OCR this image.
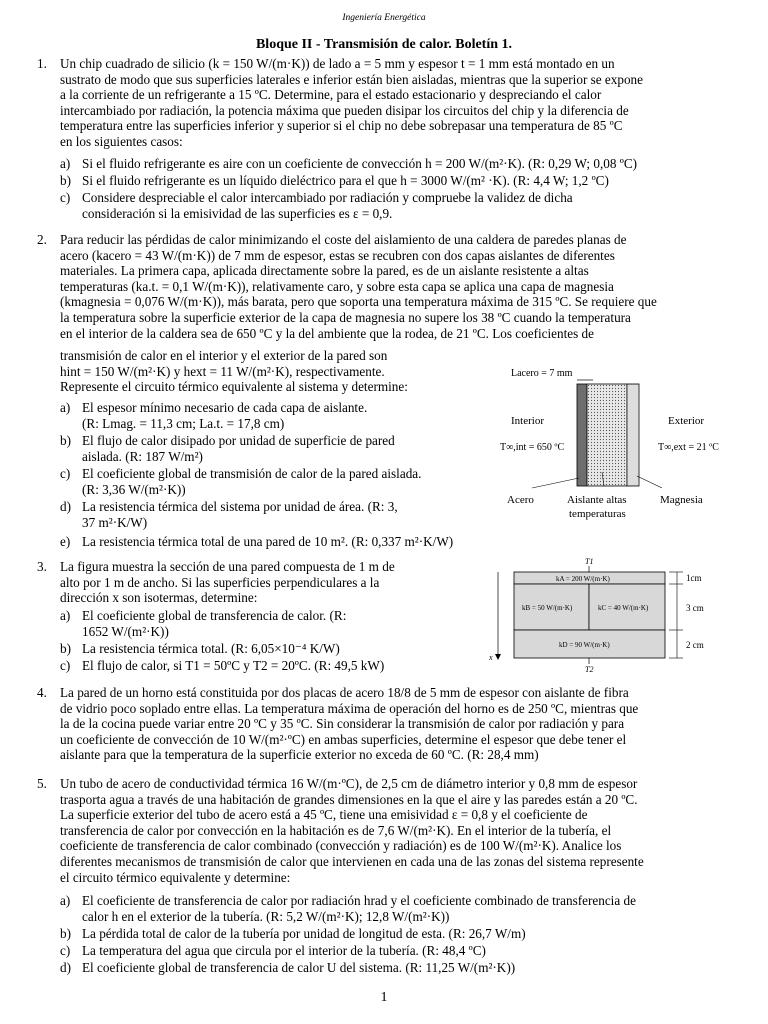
Ingeniería Energética
Bloque II - Transmisión de calor. Boletín 1.
1. Un chip cuadrado de silicio (k = 150 W/(m·K)) de lado a = 5 mm y espesor t = 1 mm está montado en un
sustrato de modo que sus superficies laterales e inferior están bien aisladas, mientras que la superior se expone
a la corriente de un refrigerante a 15 ºC. Determine, para el estado estacionario y despreciando el calor
intercambiado por radiación, la potencia máxima que pueden disipar los circuitos del chip y la diferencia de
temperatura entre las superficies inferior y superior si el chip no debe sobrepasar una temperatura de 85 ºC
en los siguientes casos:
a) Si el fluido refrigerante es aire con un coeficiente de convección h = 200 W/(m²·K). (R: 0,29 W; 0,08 ºC)
b) Si el fluido refrigerante es un líquido dieléctrico para el que h = 3000 W/(m² ·K). (R: 4,4 W; 1,2 ºC)
c) Considere despreciable el calor intercambiado por radiación y compruebe la validez de dicha
consideración si la emisividad de las superficies es ε = 0,9.
2. Para reducir las pérdidas de calor minimizando el coste del aislamiento de una caldera de paredes planas de
acero (kacero = 43 W/(m·K)) de 7 mm de espesor, estas se recubren con dos capas aislantes de diferentes
materiales. La primera capa, aplicada directamente sobre la pared, es de un aislante resistente a altas
temperaturas (ka.t. = 0,1 W/(m·K)), relativamente caro, y sobre esta capa se aplica una capa de magnesia
(kmagnesia = 0,076 W/(m·K)), más barata, pero que soporta una temperatura máxima de 315 ºC. Se requiere que
la temperatura sobre la superficie exterior de la capa de magnesia no supere los 38 ºC cuando la temperatura
en el interior de la caldera sea de 650 ºC y la del ambiente que la rodea, de 21 ºC. Los coeficientes de
transmisión de calor en el interior y el exterior de la pared son
hint = 150 W/(m²·K) y hext = 11 W/(m²·K), respectivamente.
Represente el circuito térmico equivalente al sistema y determine:
a) El espesor mínimo necesario de cada capa de aislante.
(R: Lmag. = 11,3 cm; La.t. = 17,8 cm)
b) El flujo de calor disipado por unidad de superficie de pared
aislada. (R: 187 W/m²)
c) El coeficiente global de transmisión de calor de la pared aislada.
(R: 3,36 W/(m²·K))
d) La resistencia térmica del sistema por unidad de área. (R: 3,
37 m²·K/W)
e) La resistencia térmica total de una pared de 10 m². (R: 0,337 m²·K/W)
Lacero = 7 mm
Interior
T∞,int = 650 ºC
Exterior
T∞,ext = 21 ºC
Acero	Aislante altas
temperaturas
Magnesia
3. La figura muestra la sección de una pared compuesta de 1 m de
alto por 1 m de ancho. Si las superficies perpendiculares a la
dirección x son isotermas, determine:
a) El coeficiente global de transferencia de calor. (R:
1652 W/(m²·K))
b) La resistencia térmica total. (R: 6,05×10⁻⁴ K/W)
c) El flujo de calor, si T1 = 50ºC y T2 = 20ºC. (R: 49,5 kW)
T1
kA = 200 W/(m·K)
kB = 50 W/(m·K)	kC = 40 W/(m·K)
kD = 90 W/(m·K)
x
T2
1cm
3 cm
2 cm
4. La pared de un horno está constituida por dos placas de acero 18/8 de 5 mm de espesor con aislante de fibra
de vidrio poco soplado entre ellas. La temperatura máxima de operación del horno es de 250 ºC, mientras que
la de la cocina puede variar entre 20 ºC y 35 ºC. Sin considerar la transmisión de calor por radiación y para
un coeficiente de convección de 10 W/(m²·ºC) en ambas superficies, determine el espesor que debe tener el
aislante para que la temperatura de la superficie exterior no exceda de 60 ºC. (R: 28,4 mm)
5. Un tubo de acero de conductividad térmica 16 W/(m·ºC), de 2,5 cm de diámetro interior y 0,8 mm de espesor
trasporta agua a través de una habitación de grandes dimensiones en la que el aire y las paredes están a 20 ºC.
La superficie exterior del tubo de acero está a 45 ºC, tiene una emisividad ε = 0,8 y el coeficiente de
transferencia de calor por convección en la habitación es de 7,6 W/(m²·K). En el interior de la tubería, el
coeficiente de transferencia de calor combinado (convección y radiación) es de 100 W/(m²·K). Analice los
diferentes mecanismos de transmisión de calor que intervienen en cada una de las zonas del sistema represente
el circuito térmico equivalente y determine:
a) El coeficiente de transferencia de calor por radiación hrad y el coeficiente combinado de transferencia de
calor h en el exterior de la tubería. (R: 5,2 W/(m²·K); 12,8 W/(m²·K))
b) La pérdida total de calor de la tubería por unidad de longitud de esta. (R: 26,7 W/m)
c) La temperatura del agua que circula por el interior de la tubería. (R: 48,4 ºC)
d) El coeficiente global de transferencia de calor U del sistema. (R: 11,25 W/(m²·K))
1
